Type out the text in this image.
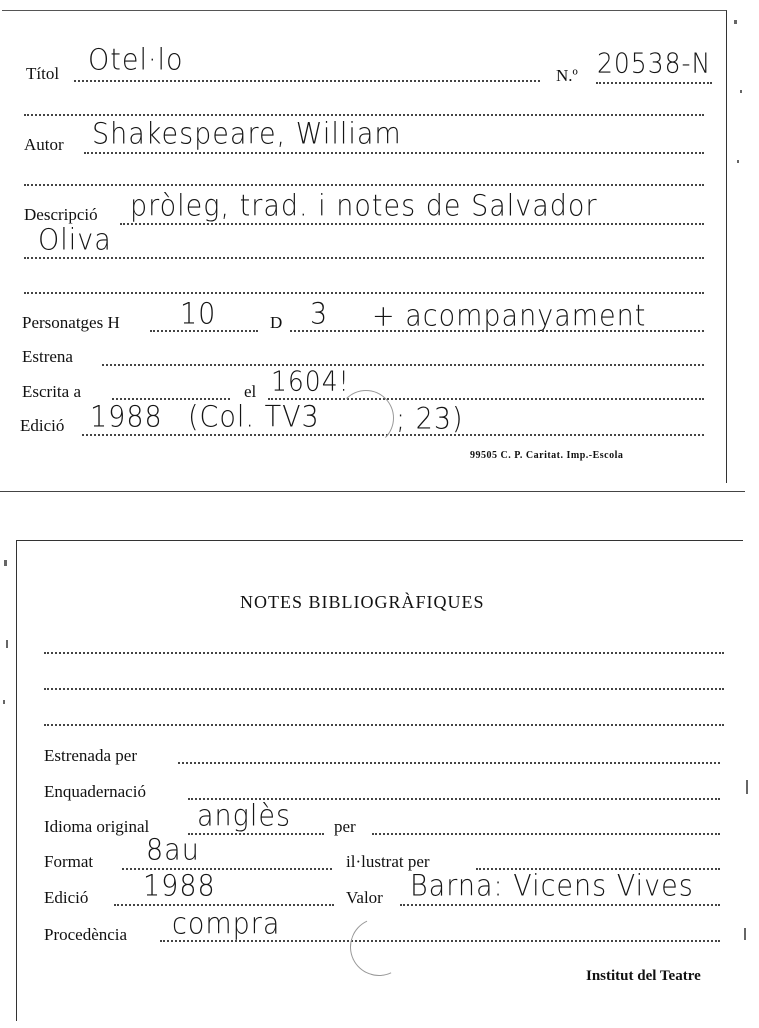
Títol Otel·lo	N.º 20538-N
Autor Shakespeare, William
Descripció pròleg, trad. i notes de Salvador
Oliva
Personatges H 10	D 3 + acompanyament
Estrena
Escrita a	el 1604!
Edició 1988 (Col. TV3	; 23)
99505 C. P. Caritat. Imp.-Escola
NOTES BIBLIOGRÀFIQUES
Estrenada per
Enquadernació
Idioma original anglès	per
Format 8au	il·lustrat per
Edició 1988	Valor Barna: Vicens Vives
Procedència compra
Institut del Teatre
